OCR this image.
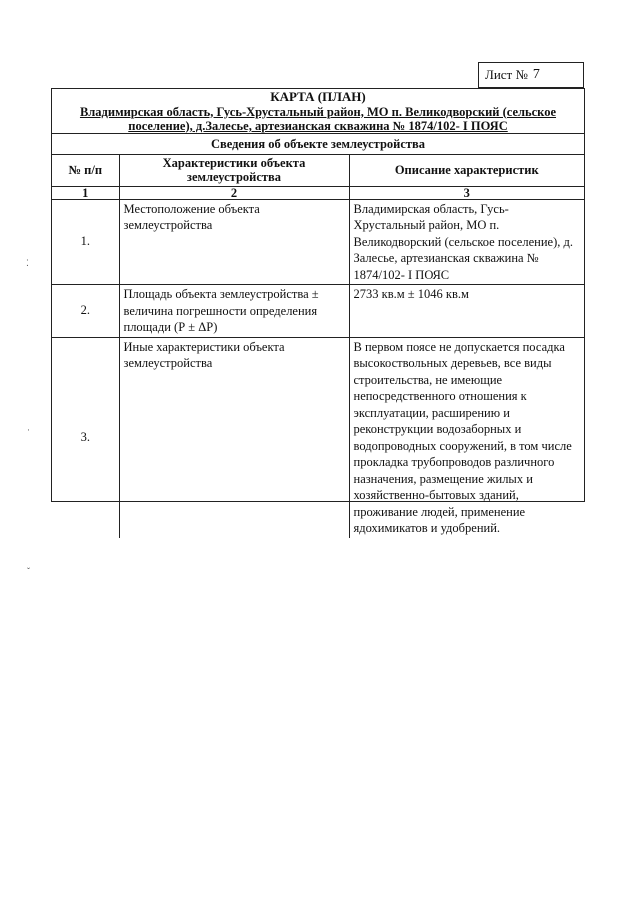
Лист № 7
КАРТА (ПЛАН)
Владимирская область, Гусь-Хрустальный район, МО п. Великодворский (сельское
поселение), д.Залесье, артезианская скважина № 1874/102- I ПОЯС
Сведения об объекте землеустройства
№ п/п	Характеристики объекта землеустройства	Описание характеристик
1	2	3
1.	Местоположение объекта землеустройства	Владимирская область, Гусь-Хрустальный район, МО п. Великодворский (сельское поселение), д. Залесье, артезианская скважина № 1874/102- I ПОЯС
2.	Площадь объекта землеустройства ± величина погрешности определения площади (Р ± ΔР)	2733 кв.м ± 1046 кв.м
3.	Иные характеристики объекта землеустройства	В первом поясе не допускается посадка высокоствольных деревьев, все виды строительства, не имеющие непосредственного отношения к эксплуатации, расширению и реконструкции водозаборных и водопроводных сооружений, в том числе прокладка трубопроводов различного назначения, размещение жилых и хозяйственно-бытовых зданий, проживание людей, применение ядохимикатов и удобрений.
⁚
·
ˇ
